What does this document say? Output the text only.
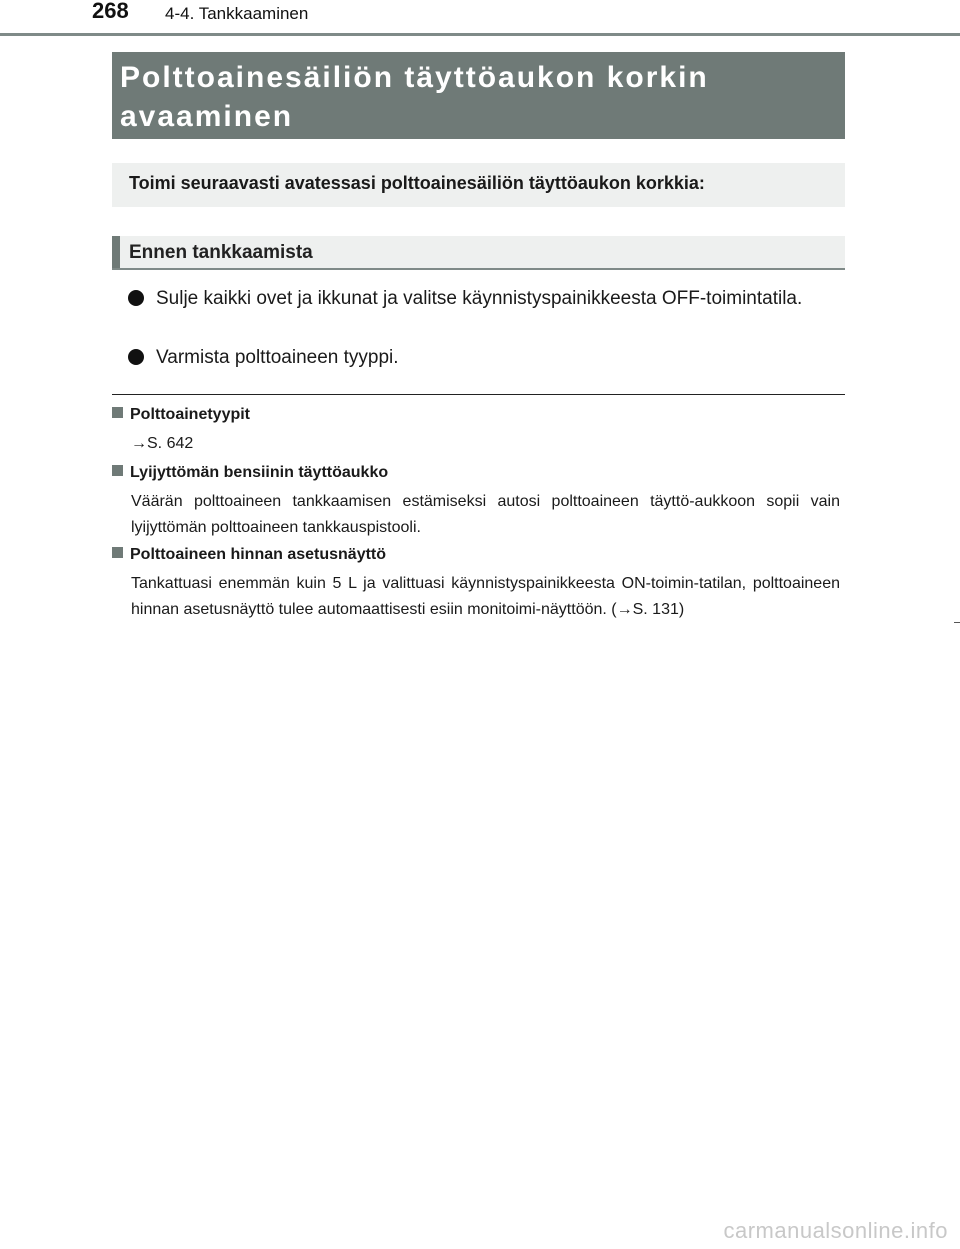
268 4-4. Tankkaaminen
Polttoainesäiliön täyttöaukon korkin
avaaminen
Toimi seuraavasti avatessasi polttoainesäiliön täyttöaukon korkkia:
Ennen tankkaamista
Sulje kaikki ovet ja ikkunat ja valitse käynnistyspainikkeesta OFF-toimintatila.
Varmista polttoaineen tyyppi.
Polttoainetyypit
→S. 642
Lyijyttömän bensiinin täyttöaukko
Väärän polttoaineen tankkaamisen estämiseksi autosi polttoaineen täyttö-aukkoon sopii vain lyijyttömän polttoaineen tankkauspistooli.
Polttoaineen hinnan asetusnäyttö
Tankattuasi enemmän kuin 5 L ja valittuasi käynnistyspainikkeesta ON-toimin-tatilan, polttoaineen hinnan asetusnäyttö tulee automaattisesti esiin monitoimi-näyttöön. (→S. 131)
carmanualsonline.info
